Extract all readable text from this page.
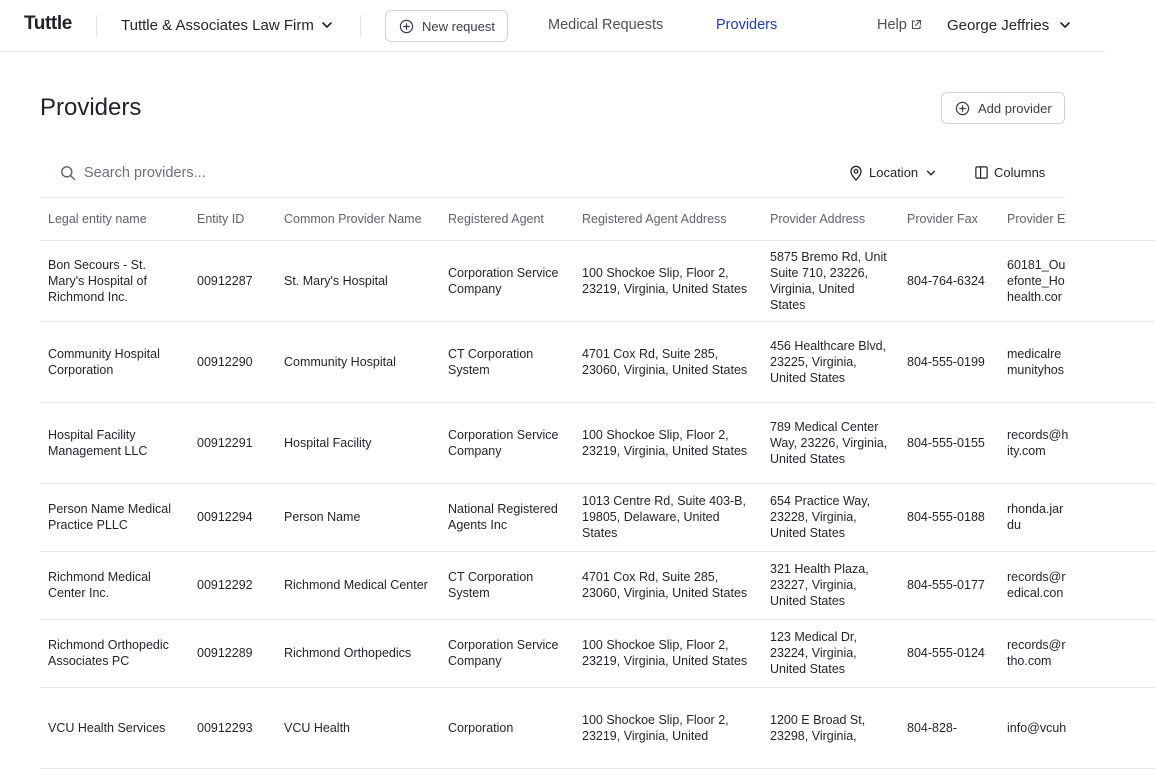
Tuttle	Tuttle & Associates Law Firm	New request	Medical Requests	Providers	Help	George Jeffries
Providers	Add provider
Search providers...
Location	Columns
Legal entity name	Entity ID	Common Provider Name	Registered Agent	Registered Agent Address	Provider Address	Provider Fax	Provider E
Bon Secours - St. Mary's Hospital of Richmond Inc.	00912287	St. Mary's Hospital	Corporation Service Company	100 Shockoe Slip, Floor 2, 23219, Virginia, United States	5875 Bremo Rd, Unit Suite 710, 23226, Virginia, United States	804-764-6324	60181_Ou
efonte_Ho
health.cor

Community Hospital Corporation	00912290	Community Hospital	CT Corporation System	4701 Cox Rd, Suite 285, 23060, Virginia, United States	456 Healthcare Blvd, 23225, Virginia, United States	804-555-0199	medicalre
munityhos

Hospital Facility Management LLC	00912291	Hospital Facility	Corporation Service Company	100 Shockoe Slip, Floor 2, 23219, Virginia, United States	789 Medical Center Way, 23226, Virginia, United States	804-555-0155	records@h
ity.com

Person Name Medical Practice PLLC	00912294	Person Name	National Registered Agents Inc	1013 Centre Rd, Suite 403-B, 19805, Delaware, United States	654 Practice Way, 23228, Virginia, United States	804-555-0188	rhonda.jar
du

Richmond Medical Center Inc.	00912292	Richmond Medical Center	CT Corporation System	4701 Cox Rd, Suite 285, 23060, Virginia, United States	321 Health Plaza, 23227, Virginia, United States	804-555-0177	records@r
edical.con

Richmond Orthopedic Associates PC	00912289	Richmond Orthopedics	Corporation Service Company	100 Shockoe Slip, Floor 2, 23219, Virginia, United States	123 Medical Dr, 23224, Virginia, United States	804-555-0124	records@r
tho.com

VCU Health Services	00912293	VCU Health	Corporation	100 Shockoe Slip, Floor 2, 23219, Virginia, United	1200 E Broad St, 23298, Virginia,	804-828-	info@vcuh
